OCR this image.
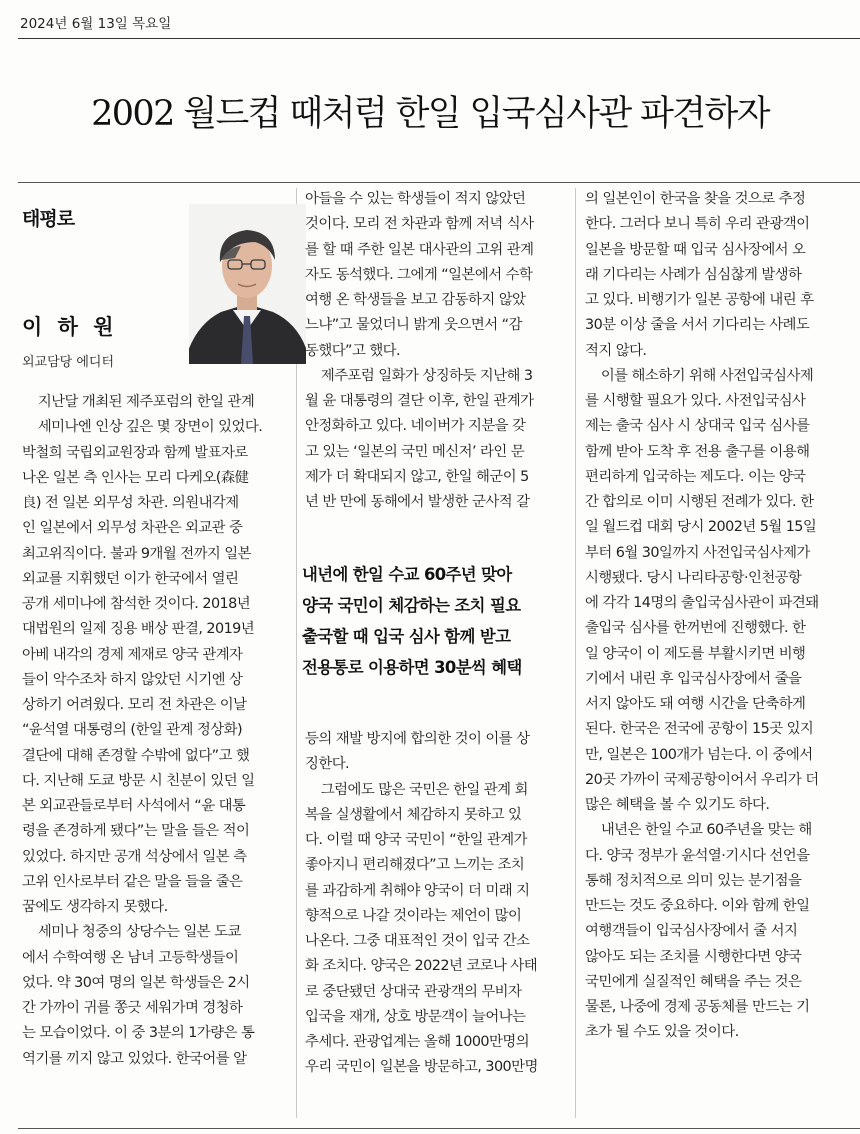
2024년 6월 13일 목요일
2002 월드컵 때처럼 한일 입국심사관 파견하자
태평로
이 하 원
외교담당 에디터
지난달 개최된 제주포럼의 한일 관계
세미나엔 인상 깊은 몇 장면이 있었다.
박철희 국립외교원장과 함께 발표자로
나온 일본 측 인사는 모리 다케오(森健
良) 전 일본 외무성 차관. 의원내각제
인 일본에서 외무성 차관은 외교관 중
최고위직이다. 불과 9개월 전까지 일본
외교를 지휘했던 이가 한국에서 열린
공개 세미나에 참석한 것이다. 2018년
대법원의 일제 징용 배상 판결, 2019년
아베 내각의 경제 제재로 양국 관계자
들이 악수조차 하지 않았던 시기엔 상
상하기 어려웠다. 모리 전 차관은 이날
“윤석열 대통령의 (한일 관계 정상화)
결단에 대해 존경할 수밖에 없다”고 했
다. 지난해 도쿄 방문 시 친분이 있던 일
본 외교관들로부터 사석에서 “윤 대통
령을 존경하게 됐다”는 말을 들은 적이
있었다. 하지만 공개 석상에서 일본 측
고위 인사로부터 같은 말을 들을 줄은
꿈에도 생각하지 못했다.
세미나 청중의 상당수는 일본 도쿄
에서 수학여행 온 남녀 고등학생들이
었다. 약 30여 명의 일본 학생들은 2시
간 가까이 귀를 쫑긋 세워가며 경청하
는 모습이었다. 이 중 3분의 1가량은 통
역기를 끼지 않고 있었다. 한국어를 알
아들을 수 있는 학생들이 적지 않았던
것이다. 모리 전 차관과 함께 저녁 식사
를 할 때 주한 일본 대사관의 고위 관계
자도 동석했다. 그에게 “일본에서 수학
여행 온 학생들을 보고 감동하지 않았
느냐”고 물었더니 밝게 웃으면서 “감
동했다”고 했다.
제주포럼 일화가 상징하듯 지난해 3
월 윤 대통령의 결단 이후, 한일 관계가
안정화하고 있다. 네이버가 지분을 갖
고 있는 ‘일본의 국민 메신저’ 라인 문
제가 더 확대되지 않고, 한일 해군이 5
년 반 만에 동해에서 발생한 군사적 갈
내년에 한일 수교 60주년 맞아
양국 국민이 체감하는 조치 필요
출국할 때 입국 심사 함께 받고
전용통로 이용하면 30분씩 혜택
등의 재발 방지에 합의한 것이 이를 상
징한다.
그럼에도 많은 국민은 한일 관계 회
복을 실생활에서 체감하지 못하고 있
다. 이럴 때 양국 국민이 “한일 관계가
좋아지니 편리해졌다”고 느끼는 조치
를 과감하게 취해야 양국이 더 미래 지
향적으로 나갈 것이라는 제언이 많이
나온다. 그중 대표적인 것이 입국 간소
화 조치다. 양국은 2022년 코로나 사태
로 중단됐던 상대국 관광객의 무비자
입국을 재개, 상호 방문객이 늘어나는
추세다. 관광업계는 올해 1000만명의
우리 국민이 일본을 방문하고, 300만명
의 일본인이 한국을 찾을 것으로 추정
한다. 그러다 보니 특히 우리 관광객이
일본을 방문할 때 입국 심사장에서 오
래 기다리는 사례가 심심찮게 발생하
고 있다. 비행기가 일본 공항에 내린 후
30분 이상 줄을 서서 기다리는 사례도
적지 않다.
이를 해소하기 위해 사전입국심사제
를 시행할 필요가 있다. 사전입국심사
제는 출국 심사 시 상대국 입국 심사를
함께 받아 도착 후 전용 출구를 이용해
편리하게 입국하는 제도다. 이는 양국
간 합의로 이미 시행된 전례가 있다. 한
일 월드컵 대회 당시 2002년 5월 15일
부터 6월 30일까지 사전입국심사제가
시행됐다. 당시 나리타공항·인천공항
에 각각 14명의 출입국심사관이 파견돼
출입국 심사를 한꺼번에 진행했다. 한
일 양국이 이 제도를 부활시키면 비행
기에서 내린 후 입국심사장에서 줄을
서지 않아도 돼 여행 시간을 단축하게
된다. 한국은 전국에 공항이 15곳 있지
만, 일본은 100개가 넘는다. 이 중에서
20곳 가까이 국제공항이어서 우리가 더
많은 혜택을 볼 수 있기도 하다.
내년은 한일 수교 60주년을 맞는 해
다. 양국 정부가 윤석열·기시다 선언을
통해 정치적으로 의미 있는 분기점을
만드는 것도 중요하다. 이와 함께 한일
여행객들이 입국심사장에서 줄 서지
않아도 되는 조치를 시행한다면 양국
국민에게 실질적인 혜택을 주는 것은
물론, 나중에 경제 공동체를 만드는 기
초가 될 수도 있을 것이다.
